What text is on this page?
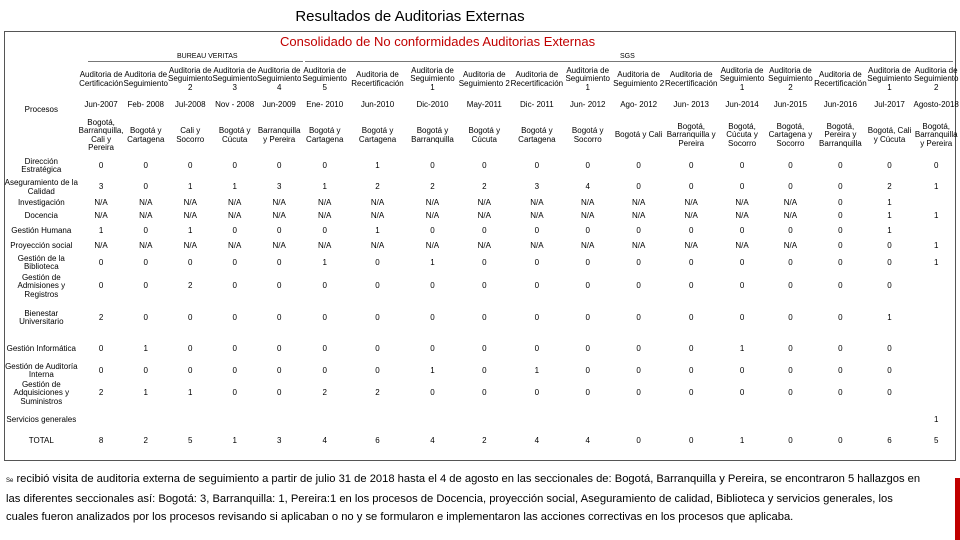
Resultados de Auditorias Externas
Consolidado de No conformidades Auditorias Externas
BUREAU VERITAS	SGS
Procesos	Auditoria de Certificación	Auditoria de Seguimiento	Auditoria de Seguimiento 2	Auditoria de Seguimiento 3	Auditoria de Seguimiento 4	Auditoria de Seguimiento 5	Auditoria de Recertificación	Auditoria de Seguimiento 1	Auditoria de Seguimiento 2	Auditoria de Recertificación	Auditoria de Seguimiento 1	Auditoria de Seguimiento 2	Auditoria de Recertificación	Auditoria de Seguimiento 1	Auditoria de Seguimiento 2	Auditoria de Recertificación	Auditoria de Seguimiento 1	Auditoria de Seguimiento 2
	Jun-2007	Feb- 2008	Jul-2008	Nov - 2008	Jun-2009	Ene- 2010	Jun-2010	Dic-2010	May-2011	Dic- 2011	Jun- 2012	Ago- 2012	Jun- 2013	Jun-2014	Jun-2015	Jun-2016	Jul-2017	Agosto-2018
	Bogotá, Barranquilla, Cali y Pereira	Bogotá y Cartagena	Cali y Socorro	Bogotá y Cúcuta	Barranquilla y Pereira	Bogotá y Cartagena	Bogotá y Cartagena	Bogotá y Barranquilla	Bogotá y Cúcuta	Bogotá y Cartagena	Bogotá y Socorro	Bogotá y Cali	Bogotá, Barranquilla y Pereira	Bogotá, Cúcuta y Socorro	Bogotá, Cartagena y Socorro	Bogotá, Pereira y Barranquilla	Bogotá, Cali y Cúcuta	Bogotá, Barranquilla y Pereira
Dirección Estratégica	0	0	0	0	0	0	1	0	0	0	0	0	0	0	0	0	0	0
Aseguramiento de la Calidad	3	0	1	1	3	1	2	2	2	3	4	0	0	0	0	0	2	1
Investigación	N/A	N/A	N/A	N/A	N/A	N/A	N/A	N/A	N/A	N/A	N/A	N/A	N/A	N/A	N/A	0	1	
Docencia	N/A	N/A	N/A	N/A	N/A	N/A	N/A	N/A	N/A	N/A	N/A	N/A	N/A	N/A	N/A	0	1	1
Gestión Humana	1	0	1	0	0	0	1	0	0	0	0	0	0	0	0	0	1	
Proyección social	N/A	N/A	N/A	N/A	N/A	N/A	N/A	N/A	N/A	N/A	N/A	N/A	N/A	N/A	N/A	0	0	1
Gestión de la Biblioteca	0	0	0	0	0	1	0	1	0	0	0	0	0	0	0	0	0	1
Gestión de Admisiones y Registros	0	0	2	0	0	0	0	0	0	0	0	0	0	0	0	0	0	
Bienestar Universitario	2	0	0	0	0	0	0	0	0	0	0	0	0	0	0	0	1	
Gestión Informática	0	1	0	0	0	0	0	0	0	0	0	0	0	1	0	0	0	
Gestión de Auditoría Interna	0	0	0	0	0	0	0	1	0	1	0	0	0	0	0	0	0	
Gestión de Adquisiciones y Suministros	2	1	1	0	0	2	2	0	0	0	0	0	0	0	0	0	0	
Servicios generales																		1
TOTAL	8	2	5	1	3	4	6	4	2	4	4	0	0	1	0	0	6	5
Se recibió visita de auditoria externa de seguimiento a partir de julio 31 de 2018 hasta el 4 de agosto en las seccionales de: Bogotá, Barranquilla y Pereira, se encontraron 5 hallazgos en las diferentes seccionales así: Bogotá: 3, Barranquilla: 1, Pereira:1 en los procesos de Docencia, proyección social, Aseguramiento de calidad, Biblioteca y servicios generales, los cuales fueron analizados por los procesos revisando si aplicaban o no y se formularon e implementaron las acciones correctivas en los procesos que aplicaba.
